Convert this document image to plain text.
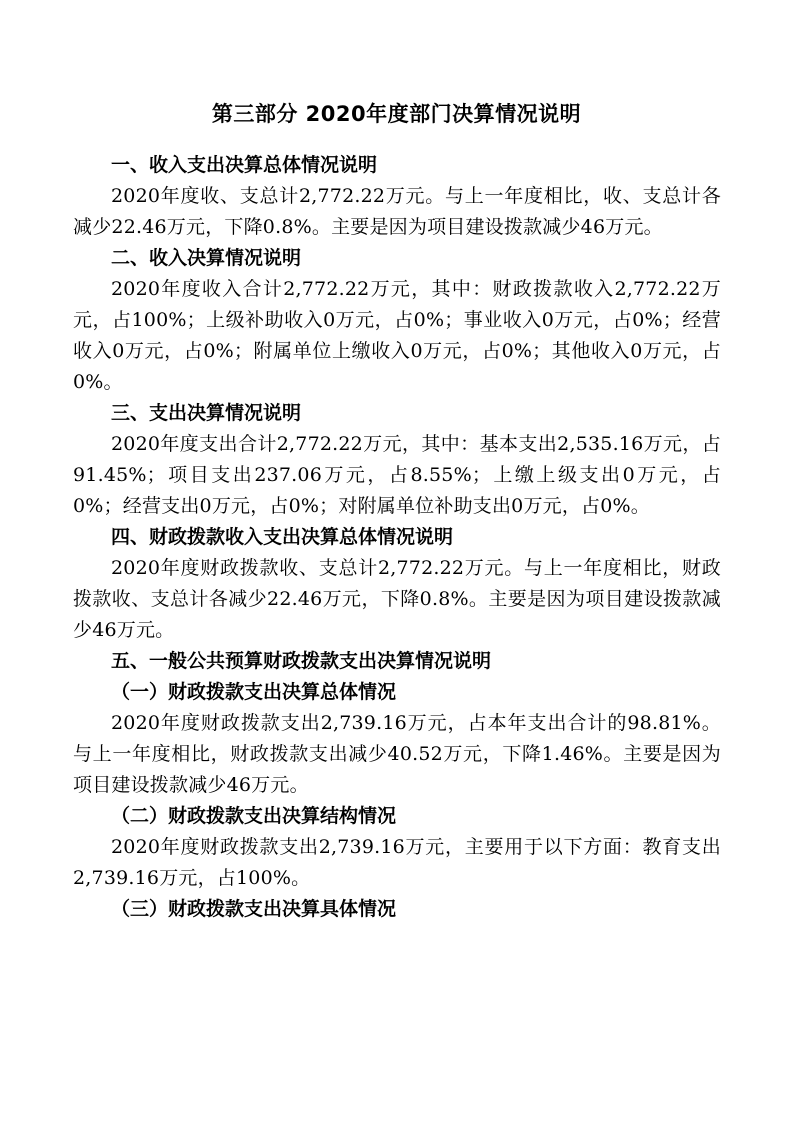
第三部分 2020年度部门决算情况说明

一、收入支出决算总体情况说明

2020年度收、支总计2,772.22万元。与上一年度相比，收、支总计各减少22.46万元，下降0.8%。主要是因为项目建设拨款减少46万元。

二、收入决算情况说明

2020年度收入合计2,772.22万元，其中：财政拨款收入2,772.22万元，占100%；上级补助收入0万元，占0%；事业收入0万元，占0%；经营收入0万元，占0%；附属单位上缴收入0万元，占0%；其他收入0万元，占0%。

三、支出决算情况说明

2020年度支出合计2,772.22万元，其中：基本支出2,535.16万元，占91.45%；项目支出237.06万元，占8.55%；上缴上级支出0万元，占0%；经营支出0万元，占0%；对附属单位补助支出0万元，占0%。

四、财政拨款收入支出决算总体情况说明

2020年度财政拨款收、支总计2,772.22万元。与上一年度相比，财政拨款收、支总计各减少22.46万元，下降0.8%。主要是因为项目建设拨款减少46万元。

五、一般公共预算财政拨款支出决算情况说明

（一）财政拨款支出决算总体情况

2020年度财政拨款支出2,739.16万元，占本年支出合计的98.81%。与上一年度相比，财政拨款支出减少40.52万元，下降1.46%。主要是因为项目建设拨款减少46万元。

（二）财政拨款支出决算结构情况

2020年度财政拨款支出2,739.16万元，主要用于以下方面：教育支出2,739.16万元，占100%。

（三）财政拨款支出决算具体情况
